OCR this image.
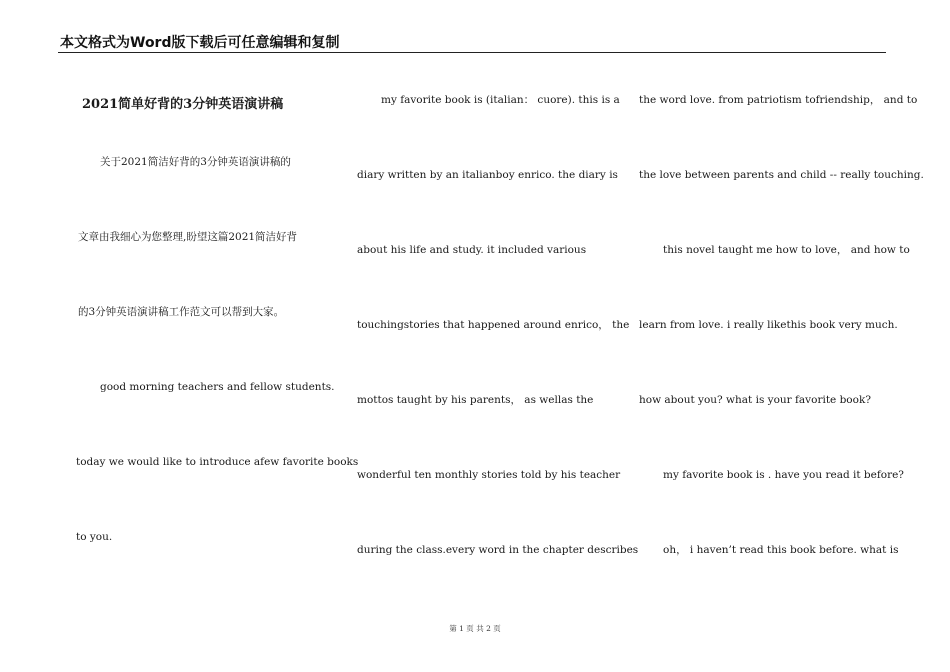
本文格式为Word版下载后可任意编辑和复制
2021简单好背的3分钟英语演讲稿
关于2021简洁好背的3分钟英语演讲稿的
文章由我细心为您整理,盼望这篇2021简洁好背
的3分钟英语演讲稿工作范文可以帮到大家。
good morning teachers and fellow students.
today we would like to introduce afew favorite books
to you.
my favorite book is (italian： cuore). this is a
diary written by an italianboy enrico. the diary is
about his life and study. it included various
touchingstories that happened around enrico， the
mottos taught by his parents， as wellas the
wonderful ten monthly stories told by his teacher
during the class.every word in the chapter describes
the word love. from patriotism tofriendship， and to
the love between parents and child -- really touching.
this novel taught me how to love， and how to
learn from love. i really likethis book very much.
how about you? what is your favorite book?
my favorite book is . have you read it before?
oh， i haven’t read this book before. what is
第 1 页 共 2 页
